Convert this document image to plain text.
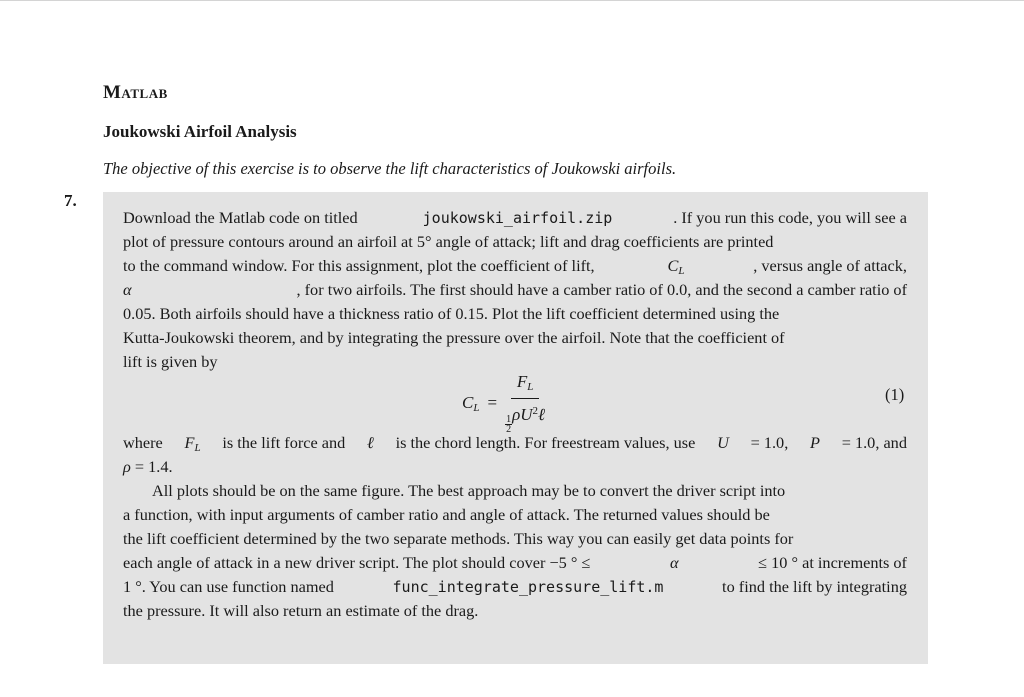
Matlab
Joukowski Airfoil Analysis
The objective of this exercise is to observe the lift characteristics of Joukowski airfoils.
7.
Download the Matlab code on titled	joukowski_airfoil.zip	. If you run this code, you will see a
plot of pressure contours around an airfoil at 5° angle of attack; lift and drag coefficients are printed
to the command window. For this assignment, plot the coefficient of lift,	$C_L$	, versus angle of attack,
α	, for two airfoils. The first should have a camber ratio of 0.0, and the second a camber ratio of
0.05. Both airfoils should have a thickness ratio of 0.15. Plot the lift coefficient determined using the
Kutta-Joukowski theorem, and by integrating the pressure over the airfoil. Note that the coefficient of
lift is given by
$C_L = F_L$
$\frac{1}{2}$
$\rho U^2\ell$	(1)
where $F_L$ is the lift force and ℓ is the chord length. For freestream values, use U = 1.0, P = 1.0, and
ρ = 1.4.
All plots should be on the same figure. The best approach may be to convert the driver script into
a function, with input arguments of camber ratio and angle of attack. The returned values should be
the lift coefficient determined by the two separate methods. This way you can easily get data points for
each angle of attack in a new driver script. The plot should cover −5 ° ≤	α	≤ 10 ° at increments of
1 °. You can use function named	func_integrate_pressure_lift.m	to find the lift by integrating
the pressure. It will also return an estimate of the drag.
